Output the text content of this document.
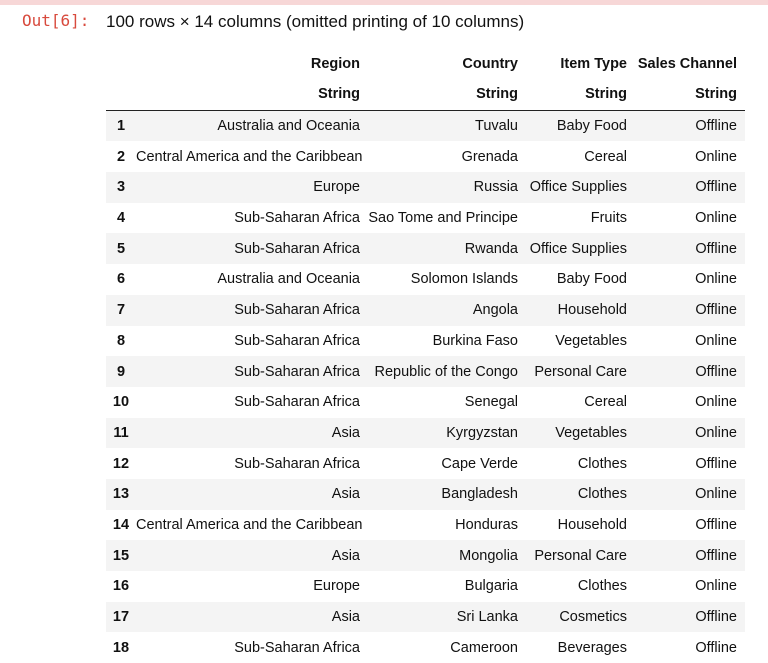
Out[6]: 100 rows × 14 columns (omitted printing of 10 columns)
	Region	Country	Item Type	Sales Channel
	String	String	String	String
1	Australia and Oceania	Tuvalu	Baby Food	Offline
2	Central America and the Caribbean	Grenada	Cereal	Online
3	Europe	Russia	Office Supplies	Offline
4	Sub-Saharan Africa	Sao Tome and Principe	Fruits	Online
5	Sub-Saharan Africa	Rwanda	Office Supplies	Offline
6	Australia and Oceania	Solomon Islands	Baby Food	Online
7	Sub-Saharan Africa	Angola	Household	Offline
8	Sub-Saharan Africa	Burkina Faso	Vegetables	Online
9	Sub-Saharan Africa	Republic of the Congo	Personal Care	Offline
10	Sub-Saharan Africa	Senegal	Cereal	Online
11	Asia	Kyrgyzstan	Vegetables	Online
12	Sub-Saharan Africa	Cape Verde	Clothes	Offline
13	Asia	Bangladesh	Clothes	Online
14	Central America and the Caribbean	Honduras	Household	Offline
15	Asia	Mongolia	Personal Care	Offline
16	Europe	Bulgaria	Clothes	Online
17	Asia	Sri Lanka	Cosmetics	Offline
18	Sub-Saharan Africa	Cameroon	Beverages	Offline
